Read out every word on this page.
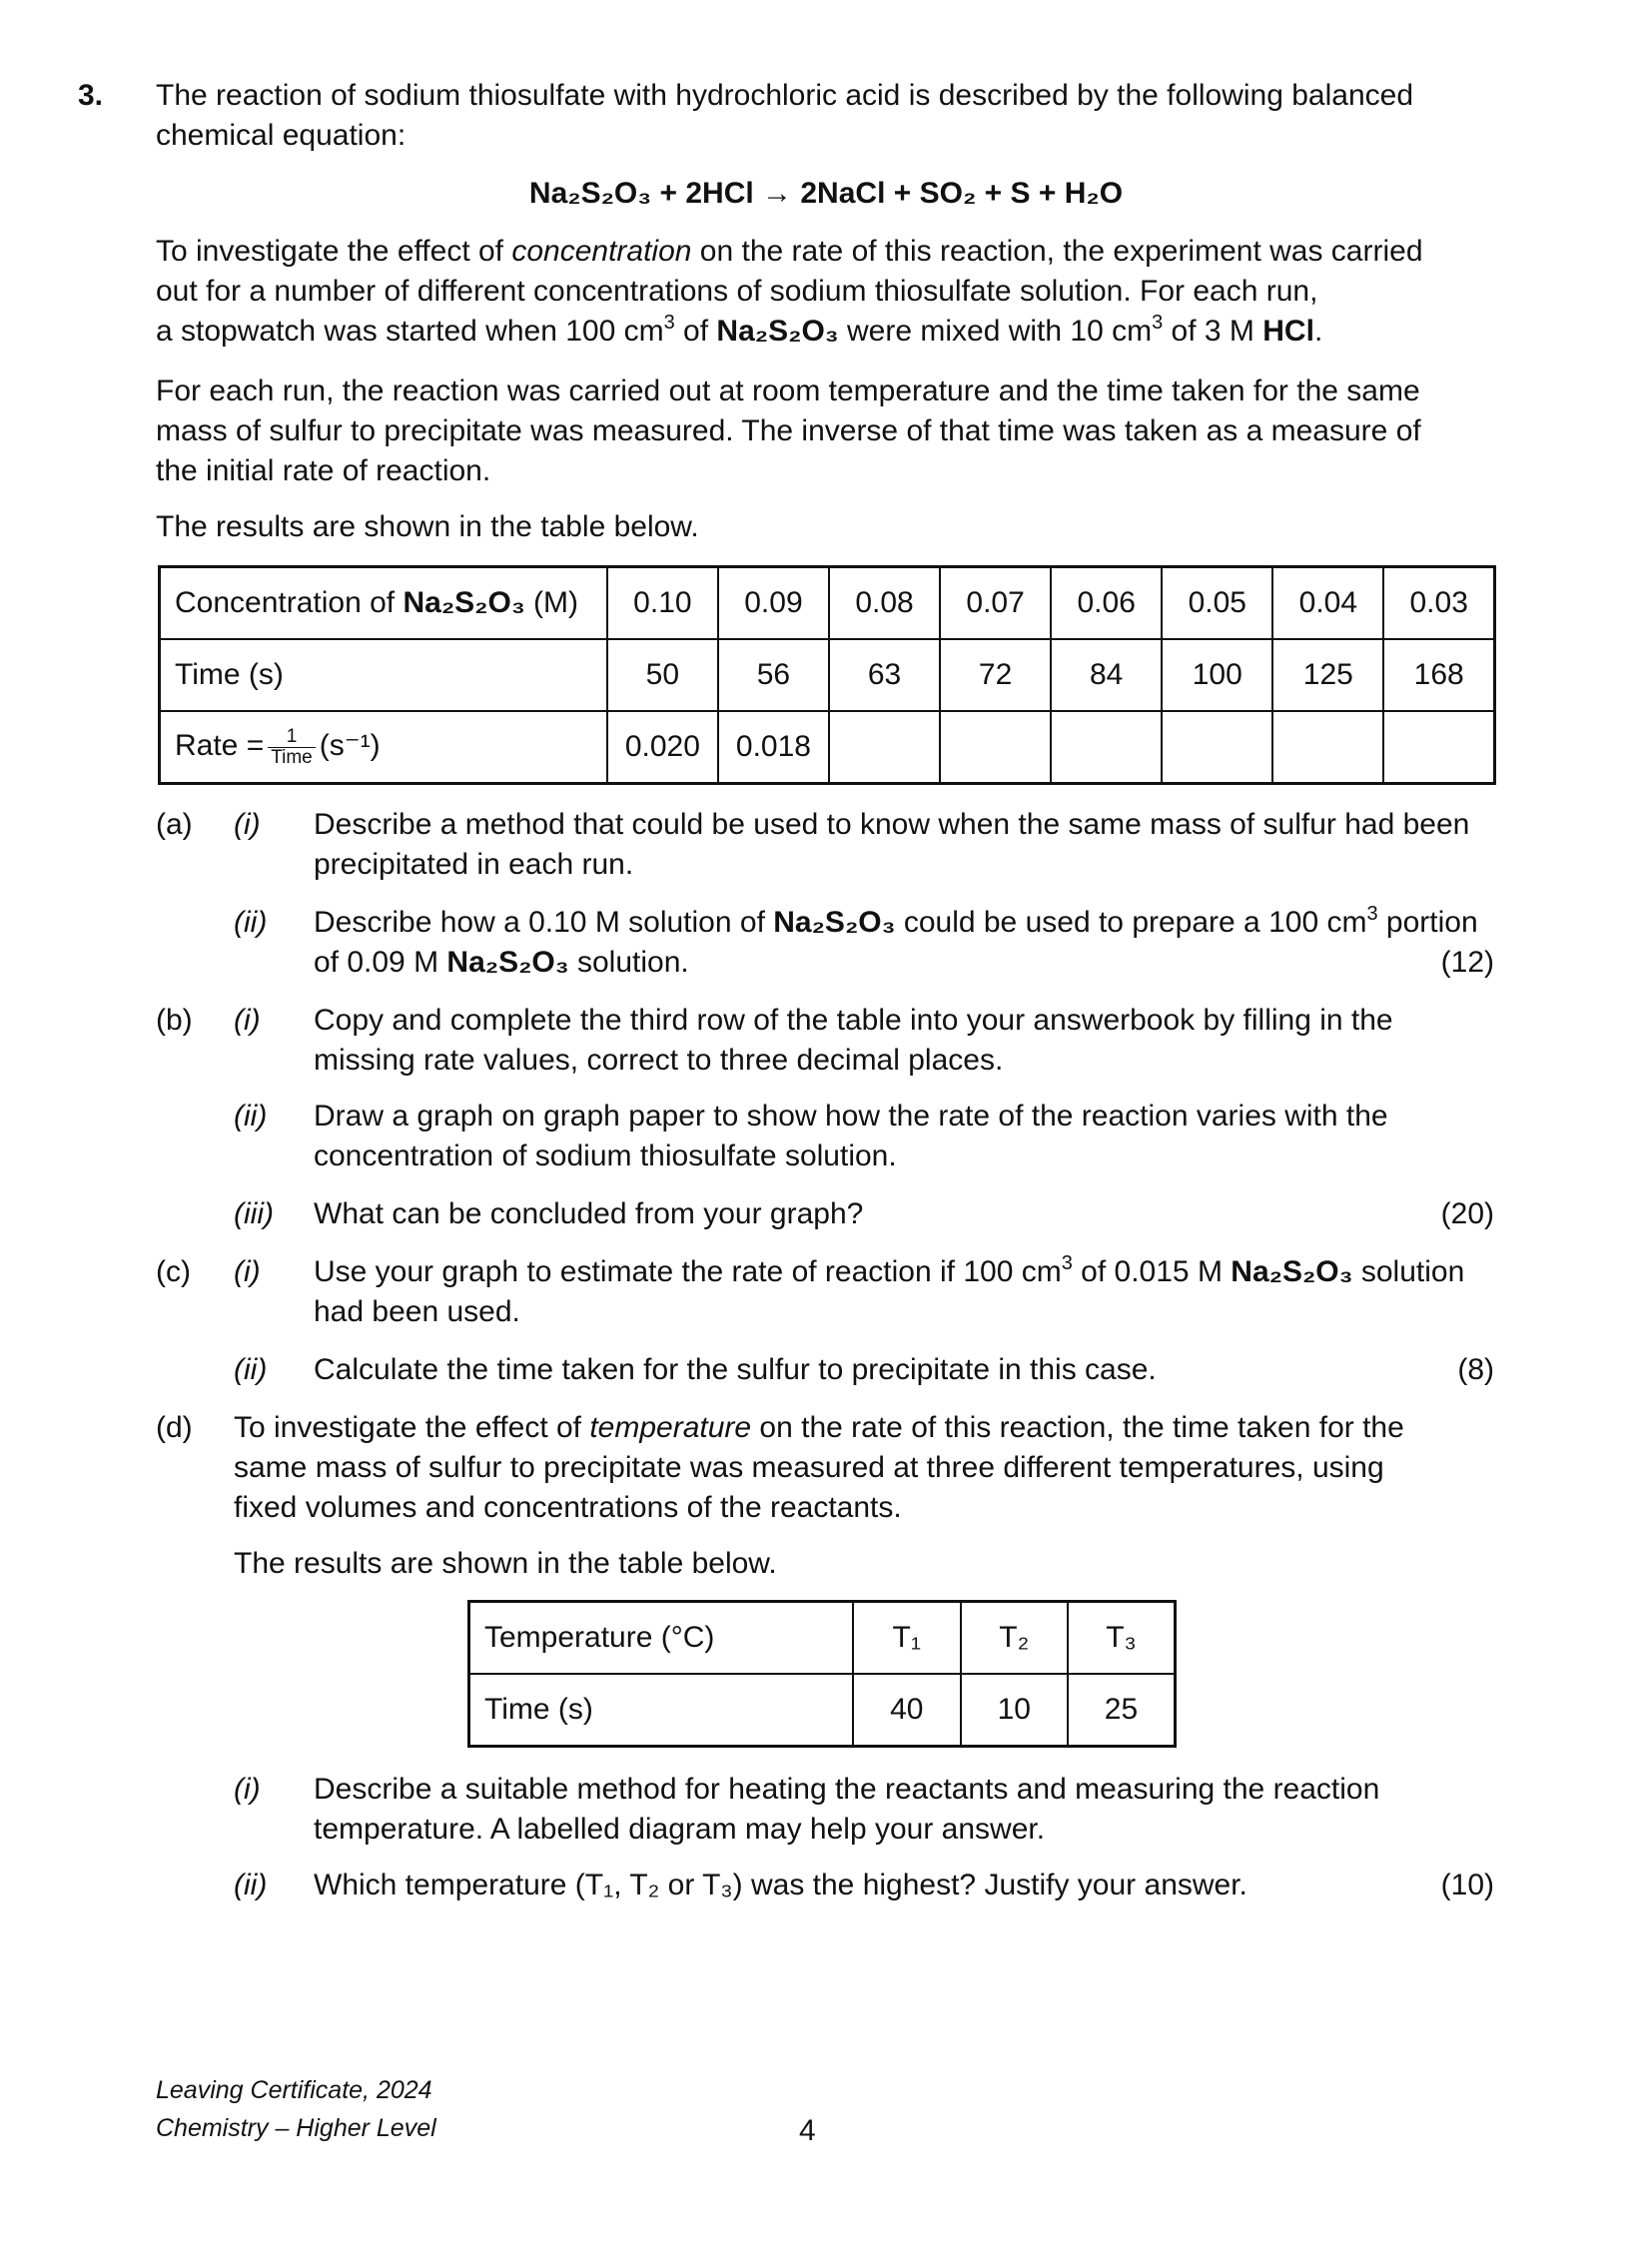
3. The reaction of sodium thiosulfate with hydrochloric acid is described by the following balanced
chemical equation:
Na₂S₂O₃ + 2HCl → 2NaCl + SO₂ + S + H₂O
To investigate the effect of concentration on the rate of this reaction, the experiment was carried
out for a number of different concentrations of sodium thiosulfate solution. For each run,
a stopwatch was started when 100 $cm^3$ of Na₂S₂O₃ were mixed with 10 $cm^3$ of 3 M HCl.
For each run, the reaction was carried out at room temperature and the time taken for the same
mass of sulfur to precipitate was measured. The inverse of that time was taken as a measure of
the initial rate of reaction.
The results are shown in the table below.
Concentration of Na₂S₂O₃ (M)	0.10	0.09	0.08	0.07	0.06	0.05	0.04	0.03
Time (s)	50	56	63	72	84	100	125	168
Rate = $\frac{1}{\text{Time}} (s^{-1})$	0.020	0.018						
(a) (i) Describe a method that could be used to know when the same mass of sulfur had been
precipitated in each run.
(ii) Describe how a 0.10 M solution of Na₂S₂O₃ could be used to prepare a 100 $cm^3$ portion
of 0.09 M Na₂S₂O₃ solution.	(12)
(b) (i) Copy and complete the third row of the table into your answerbook by filling in the
missing rate values, correct to three decimal places.
(ii) Draw a graph on graph paper to show how the rate of the reaction varies with the
concentration of sodium thiosulfate solution.
(iii) What can be concluded from your graph?	(20)
(c) (i) Use your graph to estimate the rate of reaction if 100 $cm^3$ of 0.015 M Na₂S₂O₃ solution
had been used.
(ii) Calculate the time taken for the sulfur to precipitate in this case.	(8)
(d) To investigate the effect of temperature on the rate of this reaction, the time taken for the
same mass of sulfur to precipitate was measured at three different temperatures, using
fixed volumes and concentrations of the reactants.
The results are shown in the table below.
Temperature (°C)	T₁	T₂	T₃
Time (s)	40	10	25
(i) Describe a suitable method for heating the reactants and measuring the reaction
temperature. A labelled diagram may help your answer.
(ii) Which temperature (T₁, T₂ or T₃) was the highest? Justify your answer.	(10)
Leaving Certificate, 2024
Chemistry – Higher Level	4
